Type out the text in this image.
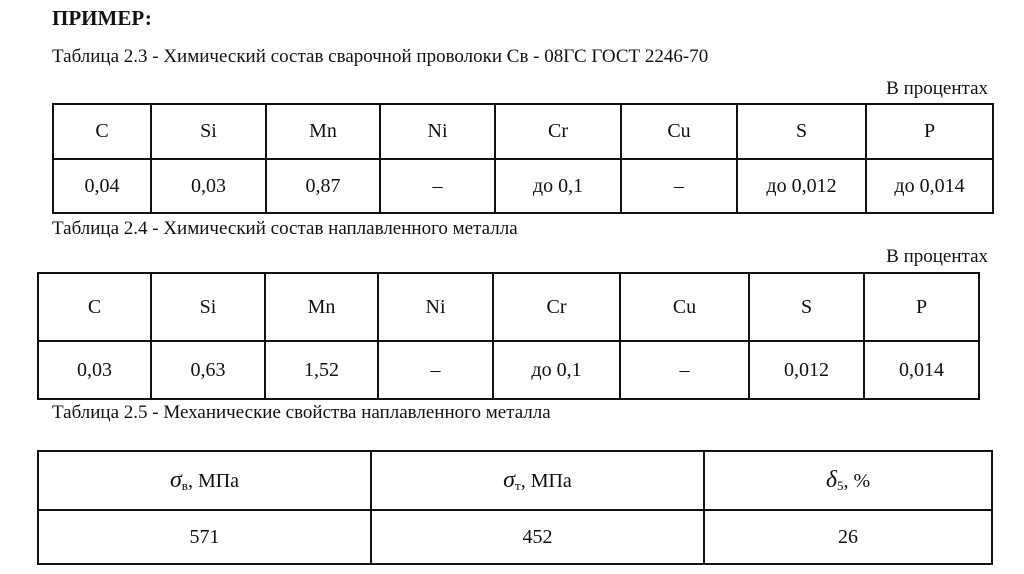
ПРИМЕР:
Таблица 2.3 - Химический состав сварочной проволоки Св - 08ГС ГОСТ 2246-70
В процентах
C	Si	Mn	Ni	Cr	Cu	S	P
0,04	0,03	0,87	–	до 0,1	–	до 0,012	до 0,014
Таблица 2.4 - Химический состав наплавленного металла
В процентах
C	Si	Mn	Ni	Cr	Cu	S	P
0,03	0,63	1,52	–	до 0,1	–	0,012	0,014
Таблица 2.5 - Механические свойства наплавленного металла
$\sigma_в$, МПа	$\sigma_т$, МПа	$\delta_5$, %
571	452	26
